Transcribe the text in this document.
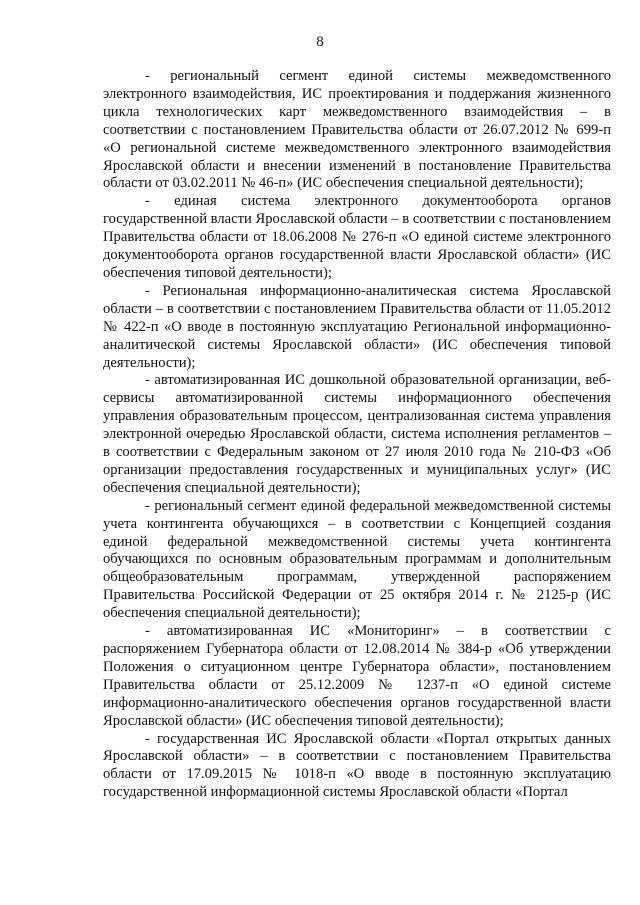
8

- региональный сегмент единой системы межведомственного электронного взаимодействия, ИС проектирования и поддержания жизненного цикла технологических карт межведомственного взаимодействия – в соответствии с постановлением Правительства области от 26.07.2012 № 699-п «О региональной системе межведомственного электронного взаимодействия Ярославской области и внесении изменений в постановление Правительства области от 03.02.2011 № 46-п» (ИС обеспечения специальной деятельности);

- единая система электронного документооборота органов государственной власти Ярославской области – в соответствии с постановлением Правительства области от 18.06.2008 № 276-п «О единой системе электронного документооборота органов государственной власти Ярославской области» (ИС обеспечения типовой деятельности);

- Региональная информационно-аналитическая система Ярославской области – в соответствии с постановлением Правительства области от 11.05.2012 № 422-п «О вводе в постоянную эксплуатацию Региональной информационно-аналитической системы Ярославской области» (ИС обеспечения типовой деятельности);

- автоматизированная ИС дошкольной образовательной организации, веб-сервисы автоматизированной системы информационного обеспечения управления образовательным процессом, централизованная система управления электронной очередью Ярославской области, система исполнения регламентов – в соответствии с Федеральным законом от 27 июля 2010 года № 210-ФЗ «Об организации предоставления государственных и муниципальных услуг» (ИС обеспечения специальной деятельности);

- региональный сегмент единой федеральной межведомственной системы учета контингента обучающихся – в соответствии с Концепцией создания единой федеральной межведомственной системы учета контингента обучающихся по основным образовательным программам и дополнительным общеобразовательным программам, утвержденной распоряжением Правительства Российской Федерации от 25 октября 2014 г. № 2125-р (ИС обеспечения специальной деятельности);

- автоматизированная ИС «Мониторинг» – в соответствии с распоряжением Губернатора области от 12.08.2014 № 384-р «Об утверждении Положения о ситуационном центре Губернатора области», постановлением Правительства области от 25.12.2009 № 1237-п «О единой системе информационно-аналитического обеспечения органов государственной власти Ярославской области» (ИС обеспечения типовой деятельности);

- государственная ИС Ярославской области «Портал открытых данных Ярославской области» – в соответствии с постановлением Правительства области от 17.09.2015 № 1018-п «О вводе в постоянную эксплуатацию государственной информационной системы Ярославской области «Портал
